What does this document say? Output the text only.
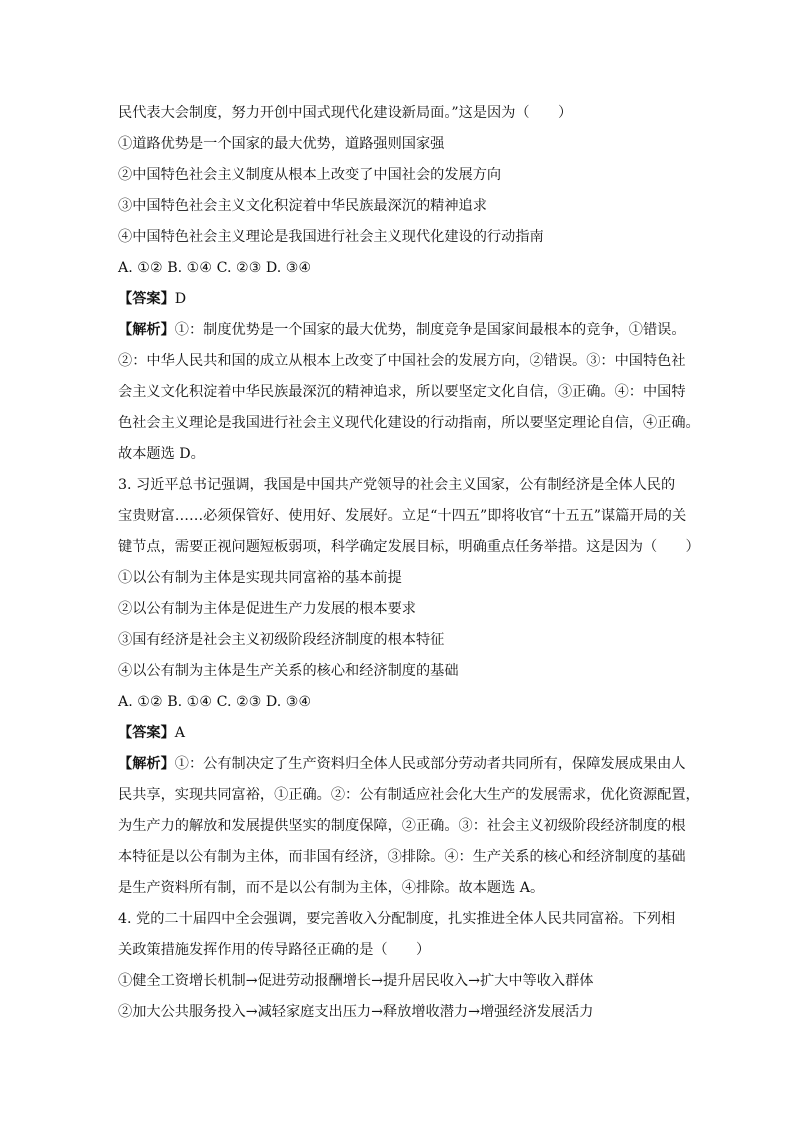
民代表大会制度，努力开创中国式现代化建设新局面。”这是因为（　　）
①道路优势是一个国家的最大优势，道路强则国家强
②中国特色社会主义制度从根本上改变了中国社会的发展方向
③中国特色社会主义文化积淀着中华民族最深沉的精神追求
④中国特色社会主义理论是我国进行社会主义现代化建设的行动指南
A. ①② B. ①④ C. ②③ D. ③④
【答案】D
【解析】①：制度优势是一个国家的最大优势，制度竞争是国家间最根本的竞争，①错误。
②：中华人民共和国的成立从根本上改变了中国社会的发展方向，②错误。③：中国特色社
会主义文化积淀着中华民族最深沉的精神追求，所以要坚定文化自信，③正确。④：中国特
色社会主义理论是我国进行社会主义现代化建设的行动指南，所以要坚定理论自信，④正确。
故本题选 D。
3. 习近平总书记强调，我国是中国共产党领导的社会主义国家，公有制经济是全体人民的
宝贵财富……必须保管好、使用好、发展好。立足“十四五”即将收官“十五五”谋篇开局的关
键节点，需要正视问题短板弱项，科学确定发展目标，明确重点任务举措。这是因为（　　）
①以公有制为主体是实现共同富裕的基本前提
②以公有制为主体是促进生产力发展的根本要求
③国有经济是社会主义初级阶段经济制度的根本特征
④以公有制为主体是生产关系的核心和经济制度的基础
A. ①② B. ①④ C. ②③ D. ③④
【答案】A
【解析】①：公有制决定了生产资料归全体人民或部分劳动者共同所有，保障发展成果由人
民共享，实现共同富裕，①正确。②：公有制适应社会化大生产的发展需求，优化资源配置，
为生产力的解放和发展提供坚实的制度保障，②正确。③：社会主义初级阶段经济制度的根
本特征是以公有制为主体，而非国有经济，③排除。④：生产关系的核心和经济制度的基础
是生产资料所有制，而不是以公有制为主体，④排除。故本题选 A。
4. 党的二十届四中全会强调，要完善收入分配制度，扎实推进全体人民共同富裕。下列相
关政策措施发挥作用的传导路径正确的是（　　）
①健全工资增长机制→促进劳动报酬增长→提升居民收入→扩大中等收入群体
②加大公共服务投入→减轻家庭支出压力→释放增收潜力→增强经济发展活力
